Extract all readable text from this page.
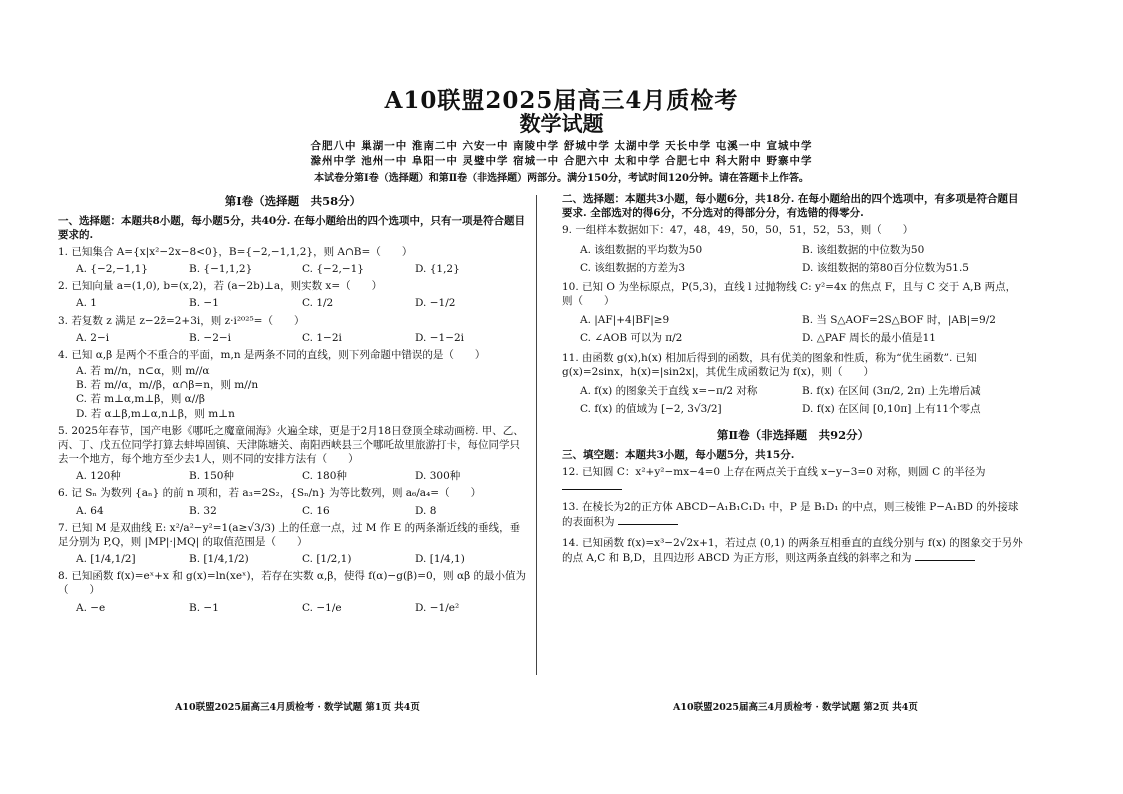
A10联盟2025届高三4月质检考
数学试题
合肥八中 巢湖一中 淮南二中 六安一中 南陵中学 舒城中学 太湖中学 天长中学 屯溪一中 宣城中学
滁州中学 池州一中 阜阳一中 灵璧中学 宿城一中 合肥六中 太和中学 合肥七中 科大附中 野寨中学
本试卷分第Ⅰ卷（选择题）和第Ⅱ卷（非选择题）两部分。满分150分，考试时间120分钟。请在答题卡上作答。
第Ⅰ卷（选择题　共58分）
一、选择题：本题共8小题，每小题5分，共40分. 在每小题给出的四个选项中，只有一项是符合题目要求的.
1. 已知集合 A={x|x²−2x−8<0}，B={−2,−1,1,2}，则 A∩B=（　　）
A. {−2,−1,1}	B. {−1,1,2}	C. {−2,−1}	D. {1,2}
2. 已知向量 a=(1,0), b=(x,2)，若 (a−2b)⊥a，则实数 x=（　　）
A. 1	B. −1	C. 1/2	D. −1/2
3. 若复数 z 满足 z−2z̄=2+3i，则 z·i²⁰²⁵=（　　）
A. 2−i	B. −2−i	C. 1−2i	D. −1−2i
4. 已知 α,β 是两个不重合的平面，m,n 是两条不同的直线，则下列命题中错误的是（　　）
A. 若 m//n，n⊂α，则 m//α
B. 若 m//α，m//β，α∩β=n，则 m//n
C. 若 m⊥α,m⊥β，则 α//β
D. 若 α⊥β,m⊥α,n⊥β，则 m⊥n
5. 2025年春节，国产电影《哪吒之魔童闹海》火遍全球，更是于2月18日登顶全球动画榜. 甲、乙、丙、丁、戊五位同学打算去蚌埠固镇、天津陈塘关、南阳西峡县三个哪吒故里旅游打卡，每位同学只去一个地方，每个地方至少去1人，则不同的安排方法有（　　）
A. 120种	B. 150种	C. 180种	D. 300种
6. 记 Sₙ 为数列 {aₙ} 的前 n 项和，若 a₃=2S₂，{Sₙ/n} 为等比数列，则 a₆/a₄=（　　）
A. 64	B. 32	C. 16	D. 8
7. 已知 M 是双曲线 E: x²/a²−y²=1(a≥√3/3) 上的任意一点，过 M 作 E 的两条渐近线的垂线，垂足分别为 P,Q，则 |MP|·|MQ| 的取值范围是（　　）
A. [1/4,1/2]	B. [1/4,1/2)	C. [1/2,1)	D. [1/4,1)
8. 已知函数 f(x)=eˣ+x 和 g(x)=ln(xeˣ)，若存在实数 α,β，使得 f(α)−g(β)=0，则 αβ 的最小值为（　　）
A. −e	B. −1	C. −1/e	D. −1/e²
二、选择题：本题共3小题，每小题6分，共18分. 在每小题给出的四个选项中，有多项是符合题目要求. 全部选对的得6分，不分选对的得部分分，有选错的得零分.
9. 一组样本数据如下：47，48，49，50，50，51，52，53，则（　　）
A. 该组数据的平均数为50	B. 该组数据的中位数为50
C. 该组数据的方差为3	D. 该组数据的第80百分位数为51.5
10. 已知 O 为坐标原点，P(5,3)，直线 l 过抛物线 C: y²=4x 的焦点 F，且与 C 交于 A,B 两点，则（　　）
A. |AF|+4|BF|≥9	B. 当 S△AOF=2S△BOF 时，|AB|=9/2
C. ∠AOB 可以为 π/2	D. △PAF 周长的最小值是11
11. 由函数 g(x),h(x) 相加后得到的函数，具有优美的图象和性质，称为“优生函数”. 已知 g(x)=2sinx，h(x)=|sin2x|，其优生成函数记为 f(x)，则（　　）
A. f(x) 的图象关于直线 x=−π/2 对称	B. f(x) 在区间 (3π/2, 2π) 上先增后减
C. f(x) 的值域为 [−2, 3√3/2]	D. f(x) 在区间 [0,10π] 上有11个零点
第Ⅱ卷（非选择题　共92分）
三、填空题：本题共3小题，每小题5分，共15分.
12. 已知圆 C：x²+y²−mx−4=0 上存在两点关于直线 x−y−3=0 对称，则圆 C 的半径为
13. 在棱长为2的正方体 ABCD−A₁B₁C₁D₁ 中，P 是 B₁D₁ 的中点，则三棱锥 P−A₁BD 的外接球的表面积为
14. 已知函数 f(x)=x³−2√2x+1，若过点 (0,1) 的两条互相垂直的直线分别与 f(x) 的图象交于另外的点 A,C 和 B,D，且四边形 ABCD 为正方形，则这两条直线的斜率之和为
A10联盟2025届高三4月质检考 · 数学试题 第1页 共4页	A10联盟2025届高三4月质检考 · 数学试题 第2页 共4页
